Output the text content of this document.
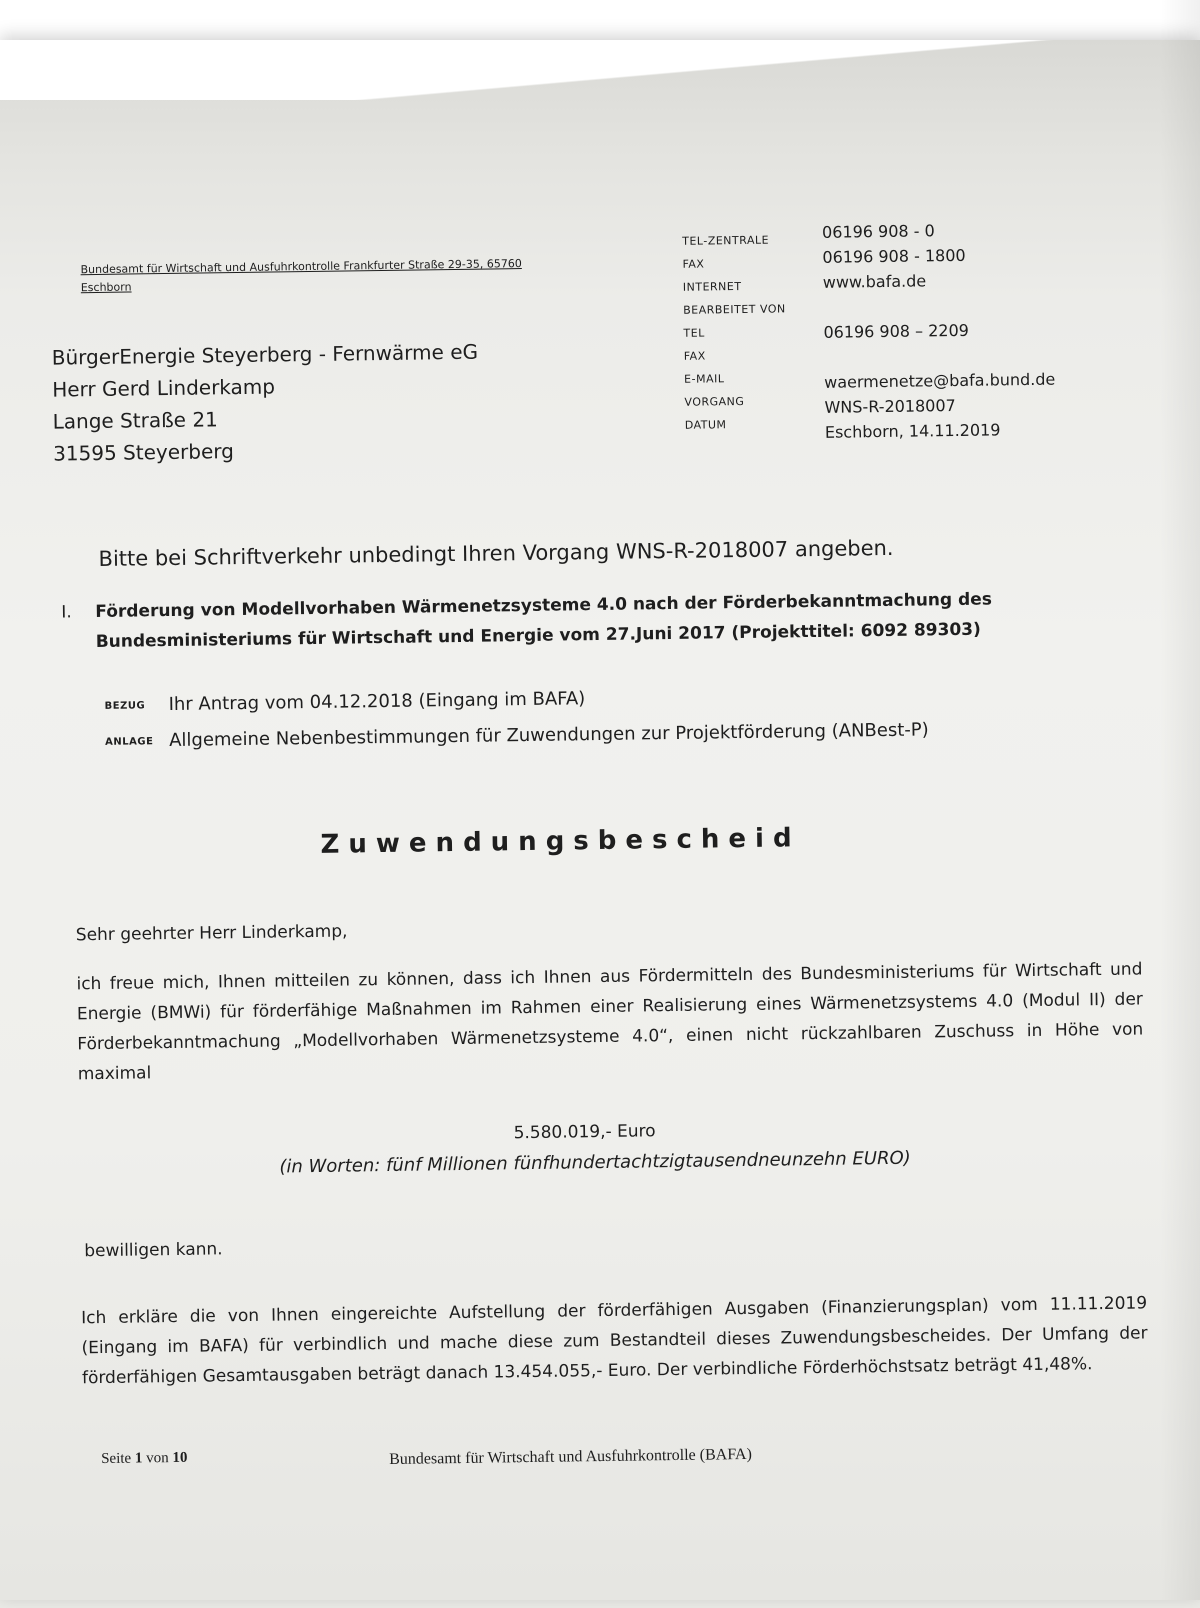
Bundesamt für Wirtschaft und Ausfuhrkontrolle Frankfurter Straße 29-35, 65760 Eschborn
BürgerEnergie Steyerberg - Fernwärme eG
Herr Gerd Linderkamp
Lange Straße 21
31595 Steyerberg
TEL-ZENTRALE
FAX
INTERNET
BEARBEITET VON
TEL
FAX
E-MAIL
VORGANG
DATUM
06196 908 - 0
06196 908 - 1800
www.bafa.de
06196 908 – 2209
waermenetze@bafa.bund.de
WNS-R-2018007
Eschborn, 14.11.2019
Bitte bei Schriftverkehr unbedingt Ihren Vorgang WNS-R-2018007 angeben.
I. Förderung von Modellvorhaben Wärmenetzsysteme 4.0 nach der Förderbekanntmachung des Bundesministeriums für Wirtschaft und Energie vom 27.Juni 2017 (Projekttitel: 6092 89303)
BEZUG Ihr Antrag vom 04.12.2018 (Eingang im BAFA)
ANLAGE Allgemeine Nebenbestimmungen für Zuwendungen zur Projektförderung (ANBest-P)
Zuwendungsbescheid
Sehr geehrter Herr Linderkamp,
ich freue mich, Ihnen mitteilen zu können, dass ich Ihnen aus Fördermitteln des Bundesministeriums für Wirtschaft und Energie (BMWi) für förderfähige Maßnahmen im Rahmen einer Realisierung eines Wärmenetzsystems 4.0 (Modul II) der Förderbekanntmachung „Modellvorhaben Wärmenetzsysteme 4.0“, einen nicht rückzahlbaren Zuschuss in Höhe von maximal
5.580.019,- Euro
(in Worten: fünf Millionen fünfhundertachtzigtausendneunzehn EURO)
bewilligen kann.
Ich erkläre die von Ihnen eingereichte Aufstellung der förderfähigen Ausgaben (Finanzierungsplan) vom 11.11.2019 (Eingang im BAFA) für verbindlich und mache diese zum Bestandteil dieses Zuwendungsbescheides. Der Umfang der förderfähigen Gesamtausgaben beträgt danach 13.454.055,- Euro. Der verbindliche Förderhöchstsatz beträgt 41,48%.
Seite 1 von 10	Bundesamt für Wirtschaft und Ausfuhrkontrolle (BAFA)
